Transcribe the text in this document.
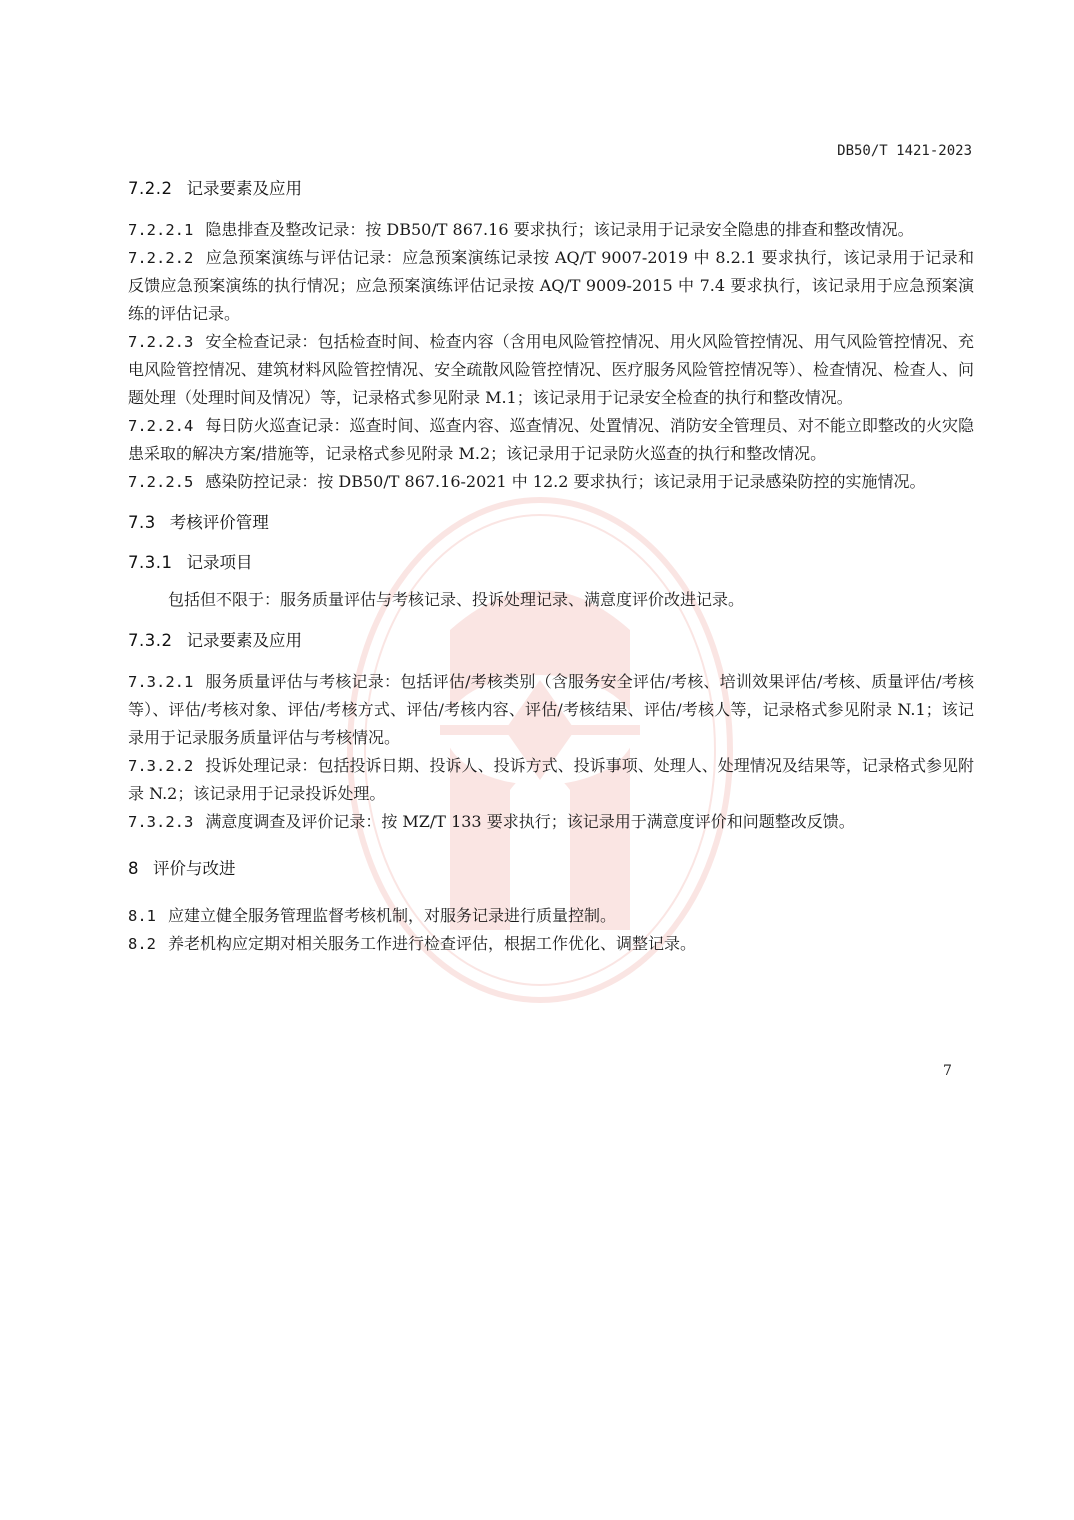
DB50/T 1421-2023

7.2.2 记录要素及应用

7.2.2.1 隐患排查及整改记录：按 DB50/T 867.16 要求执行；该记录用于记录安全隐患的排查和整改情况。

7.2.2.2 应急预案演练与评估记录：应急预案演练记录按 AQ/T 9007-2019 中 8.2.1 要求执行，该记录用于记录和反馈应急预案演练的执行情况；应急预案演练评估记录按 AQ/T 9009-2015 中 7.4 要求执行，该记录用于应急预案演练的评估记录。

7.2.2.3 安全检查记录：包括检查时间、检查内容（含用电风险管控情况、用火风险管控情况、用气风险管控情况、充电风险管控情况、建筑材料风险管控情况、安全疏散风险管控情况、医疗服务风险管控情况等）、检查情况、检查人、问题处理（处理时间及情况）等，记录格式参见附录 M.1；该记录用于记录安全检查的执行和整改情况。

7.2.2.4 每日防火巡查记录：巡查时间、巡查内容、巡查情况、处置情况、消防安全管理员、对不能立即整改的火灾隐患采取的解决方案/措施等，记录格式参见附录 M.2；该记录用于记录防火巡查的执行和整改情况。

7.2.2.5 感染防控记录：按 DB50/T 867.16-2021 中 12.2 要求执行；该记录用于记录感染防控的实施情况。

7.3 考核评价管理

7.3.1 记录项目

包括但不限于：服务质量评估与考核记录、投诉处理记录、满意度评价改进记录。

7.3.2 记录要素及应用

7.3.2.1 服务质量评估与考核记录：包括评估/考核类别（含服务安全评估/考核、培训效果评估/考核、质量评估/考核等）、评估/考核对象、评估/考核方式、评估/考核内容、评估/考核结果、评估/考核人等，记录格式参见附录 N.1；该记录用于记录服务质量评估与考核情况。

7.3.2.2 投诉处理记录：包括投诉日期、投诉人、投诉方式、投诉事项、处理人、处理情况及结果等，记录格式参见附录 N.2；该记录用于记录投诉处理。

7.3.2.3 满意度调查及评价记录：按 MZ/T 133 要求执行；该记录用于满意度评价和问题整改反馈。

8 评价与改进

8.1 应建立健全服务管理监督考核机制，对服务记录进行质量控制。

8.2 养老机构应定期对相关服务工作进行检查评估，根据工作优化、调整记录。

7
